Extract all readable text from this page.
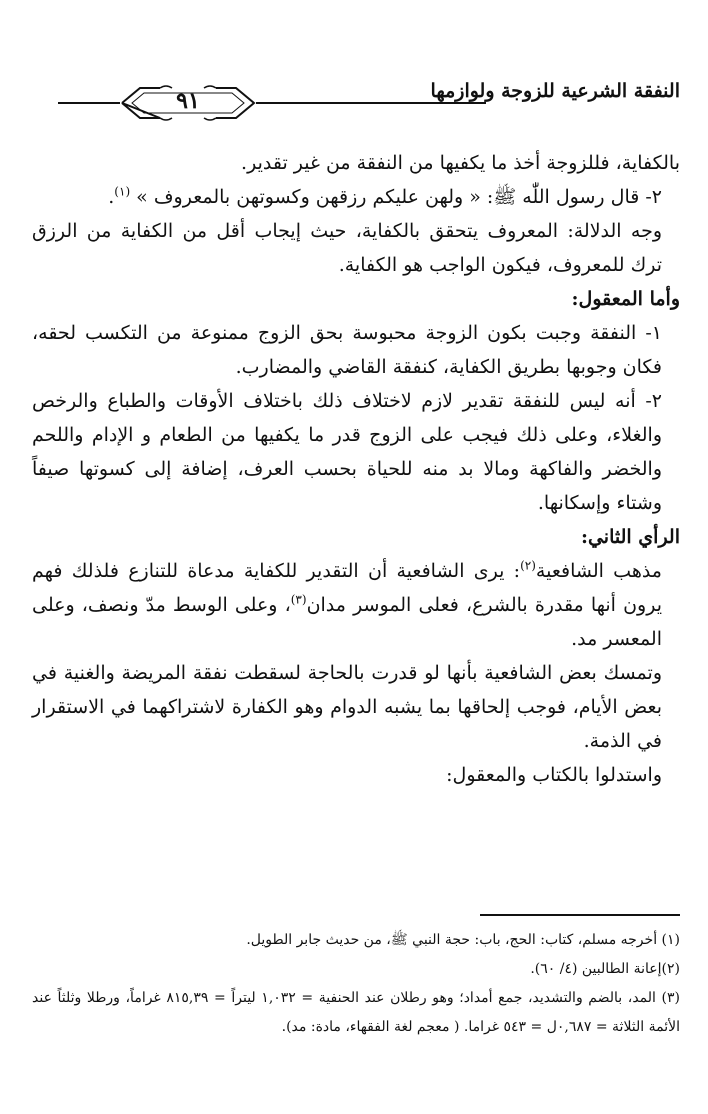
النفقة الشرعية للزوجة ولوازمها
٩١

بالكفاية، فللزوجة أخذ ما يكفيها من النفقة من غير تقدير.

٢- قال رسول اللّٰه ﷺ: « ولهن عليكم رزقهن وكسوتهن بالمعروف » $^{(١)}$.

وجه الدلالة: المعروف يتحقق بالكفاية، حيث إيجاب أقل من الكفاية من الرزق ترك للمعروف، فيكون الواجب هو الكفاية.

وأما المعقول:

١- النفقة وجبت بكون الزوجة محبوسة بحق الزوج ممنوعة من التكسب لحقه، فكان وجوبها بطريق الكفاية، كنفقة القاضي والمضارب.

٢- أنه ليس للنفقة تقدير لازم لاختلاف ذلك باختلاف الأوقات والطباع والرخص والغلاء، وعلى ذلك فيجب على الزوج قدر ما يكفيها من الطعام و الإدام واللحم والخضر والفاكهة ومالا بد منه للحياة بحسب العرف، إضافة إلى كسوتها صيفاً وشتاء وإسكانها.

الرأي الثاني:

مذهب الشافعية$^{(٢)}$: يرى الشافعية أن التقدير للكفاية مدعاة للتنازع فلذلك فهم يرون أنها مقدرة بالشرع، فعلى الموسر مدان$^{(٣)}$، وعلى الوسط مدّ ونصف، وعلى المعسر مد.

وتمسك بعض الشافعية بأنها لو قدرت بالحاجة لسقطت نفقة المريضة والغنية في بعض الأيام، فوجب إلحاقها بما يشبه الدوام وهو الكفارة لاشتراكهما في الاستقرار في الذمة.

واستدلوا بالكتاب والمعقول:

(١) أخرجه مسلم، كتاب: الحج، باب: حجة النبي ﷺ، من حديث جابر الطويل.

(٢)إعانة الطالبين (٤/ ٦٠).

(٣) المد، بالضم والتشديد، جمع أمداد؛ وهو رطلان عند الحنفية = ١,٠٣٢ ليتراً = ٨١٥,٣٩ غراماً، ورطلا وثلثاً عند الأئمة الثلاثة = ٠,٦٨٧ل = ٥٤٣ غراما. ( معجم لغة الفقهاء، مادة: مد).
